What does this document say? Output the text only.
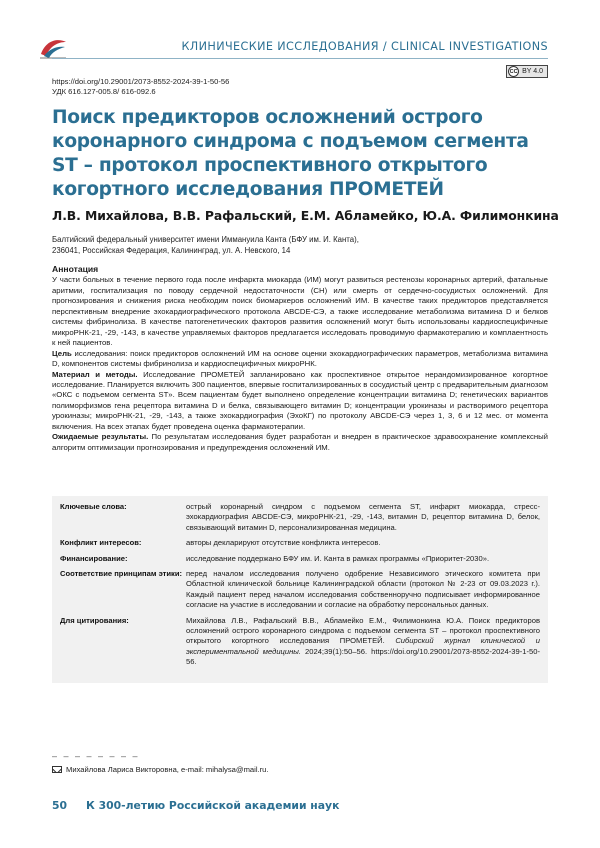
КЛИНИЧЕСКИЕ ИССЛЕДОВАНИЯ / CLINICAL INVESTIGATIONS
CC BY 4.0
https://doi.org/10.29001/2073-8552-2024-39-1-50-56
УДК 616.127-005.8/ 616-092.6
Поиск предикторов осложнений острого коронарного синдрома с подъемом сегмента ST – протокол проспективного открытого когортного исследования ПРОМЕТЕЙ
Л.В. Михайлова, В.В. Рафальский, Е.М. Абламейко, Ю.А. Филимонкина
Балтийский федеральный университет имени Иммануила Канта (БФУ им. И. Канта),
236041, Российская Федерация, Калининград, ул. А. Невского, 14
Аннотация

У части больных в течение первого года после инфаркта миокарда (ИМ) могут развиться рестенозы коронарных артерий, фатальные аритмии, госпитализация по поводу сердечной недостаточности (СН) или смерть от сердечно-сосудистых осложнений. Для прогнозирования и снижения риска необходим поиск биомаркеров осложнений ИМ. В качестве таких предикторов представляется перспективным внедрение эхокардиографического протокола ABCDE-СЭ, а также исследование метаболизма витамина D и белков системы фибринолиза. В качестве патогенетических факторов развития осложнений могут быть использованы кардиоспецифичные микроРНК-21, -29, -143, в качестве управляемых факторов предлагается исследовать проводимую фармакотерапию и комплаентность к ней пациентов.

Цель исследования: поиск предикторов осложнений ИМ на основе оценки эхокардиографических параметров, метаболизма витамина D, компонентов системы фибринолиза и кардиоспецифичных микроРНК.

Материал и методы. Исследование ПРОМЕТЕЙ запланировано как проспективное открытое нерандомизированное когортное исследование. Планируется включить 300 пациентов, впервые госпитализированных в сосудистый центр с предварительным диагнозом «ОКС с подъемом сегмента ST». Всем пациентам будет выполнено определение концентрации витамина D; генетических вариантов полиморфизмов гена рецептора витамина D и белка, связывающего витамин D; концентрации урокиназы и растворимого рецептора урокиназы; микроРНК-21, -29, -143, а также эхокардиография (ЭхоКГ) по протоколу ABCDE-СЭ через 1, 3, 6 и 12 мес. от момента включения. На всех этапах будет проведена оценка фармакотерапии.

Ожидаемые результаты. По результатам исследования будет разработан и внедрен в практическое здравоохранение комплексный алгоритм оптимизации прогнозирования и предупреждения осложнений ИМ.

Ключевые слова:	острый коронарный синдром с подъемом сегмента ST, инфаркт миокарда, стресс-эхокардиография ABCDE-СЭ, микроРНК-21, -29, -143, витамин D, рецептор витамина D, белок, связывающий витамин D, персонализированная медицина.
Конфликт интересов:	авторы декларируют отсутствие конфликта интересов.
Финансирование:	исследование поддержано БФУ им. И. Канта в рамках программы «Приоритет-2030».
Соответствие принципам этики: перед началом исследования получено одобрение Независимого этического комитета при Областной клинической больнице Калининградской области (протокол № 2-23 от 09.03.2023 г.). Каждый пациент перед началом исследования собственноручно подписывает информированное согласие на участие в исследовании и согласие на обработку персональных данных.
Для цитирования:	Михайлова Л.В., Рафальский В.В., Абламейко Е.М., Филимонкина Ю.А. Поиск предикторов осложнений острого коронарного синдрома с подъемом сегмента ST – протокол проспективного открытого когортного исследования ПРОМЕТЕЙ. Сибирский журнал клинической и экспериментальной медицины. 2024;39(1):50–56. https://doi.org/10.29001/2073-8552-2024-39-1-50-56.
– – – – – – – –
Михайлова Лариса Викторовна, e-mail: mihalysa@mail.ru.
50 К 300-летию Российской академии наук
